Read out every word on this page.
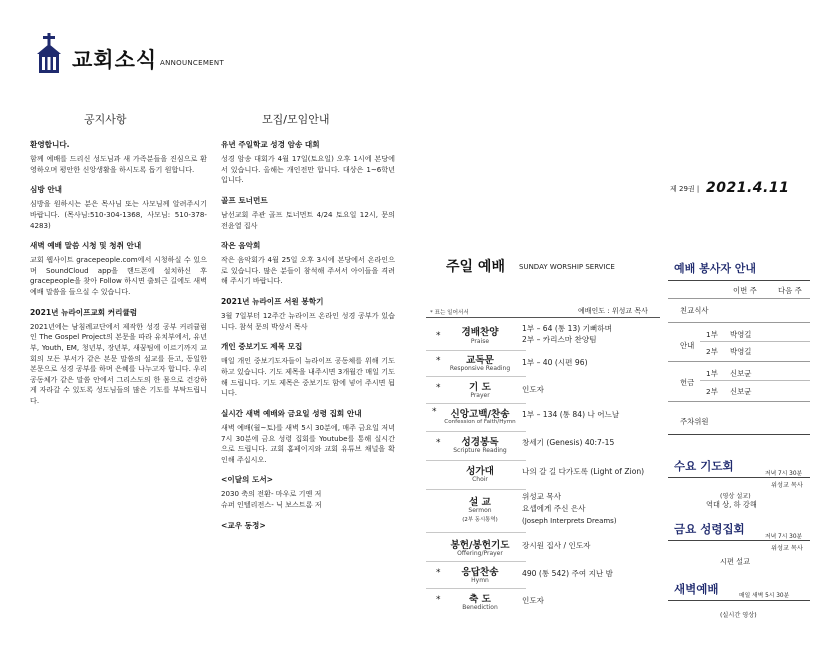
교회소식 ANNOUNCEMENT
공지사항	모집/모임안내
환영합니다.
함께 예배를 드리신 성도님과 새 가족분들을 진심으로 환영하오며 평안한 신앙생활을 하시도록 돕기 원합니다.
심방 안내
심방을 원하시는 분은 목사님 또는 사모님께 알려주시기 바랍니다. (목사님:510-304-1368, 사모님: 510-378-4283)
새벽 예배 말씀 시청 및 청취 안내
교회 웹사이트 gracepeople.com에서 시청하실 수 있으며 SoundCloud app을 핸드폰에 설치하신 후 gracepeople을 찾아 Follow 하시면 출퇴근 길에도 새벽예배 말씀을 들으실 수 있습니다.
2021년 뉴라이프교회 커리큘럼
2021년에는 남침례교단에서 제작한 성경 공부 커리큘럼인 The Gospel Project의 본문을 따라 유치부에서, 유년부, Youth, EM, 청년부, 장년부, 새꿈팀에 이르기까지 교회의 모든 부서가 같은 본문 말씀의 설교를 듣고, 동일한 본문으로 성경 공부를 하며 은혜를 나누고자 합니다. 우리 공동체가 같은 말씀 안에서 그리스도의 한 몸으로 건강하게 자라갈 수 있도록 성도님들의 많은 기도를 부탁드립니다.
유년 주일학교 성경 암송 대회
성경 암송 대회가 4월 17일(토요일) 오후 1시에 본당에서 있습니다. 올해는 개인전만 합니다. 대상은 1~6학년입니다.
골프 토너먼트
남선교회 주관 골프 토너먼트 4/24 토요일 12시, 문의 전윤열 집사
작은 음악회
작은 음악회가 4월 25일 오후 3시에 본당에서 온라인으로 있습니다. 많은 분들이 참석해 주셔서 아이들을 격려해 주시기 바랍니다.
2021년 뉴라이프 서원 봉학기
3월 7일부터 12주간 뉴라이프 온라인 성경 공부가 있습니다. 참석 문의 박상서 목사
개인 중보기도 제목 모집
매일 개인 중보기도자들이 뉴라이프 공동체를 위해 기도하고 있습니다. 기도 제목을 내주시면 3개월간 매일 기도해 드립니다. 기도 제목은 중보기도 함에 넣어 주시면 됩니다.
실시간 새벽 예배와 금요일 성령 집회 안내
새벽 예배(월~토)를 새벽 5시 30분에, 매주 금요일 저녁 7시 30분에 금요 성령 집회를 Youtube를 통해 실시간으로 드립니다. 교회 홈페이지와 교회 유튜브 채널을 확인해 주십시오.
<이달의 도서>
2030 축의 전환- 마우로 기옌 저
슈퍼 인텔리전스- 닉 보스트롬 저
<교우 동정>
제 29권 | 2021.4.11
주일 예배 SUNDAY WORSHIP SERVICE
* 표는 일어서서	예배인도 : 위성교 목사
*	경배찬양
Praise
1부 – 64 (통 13) 기뻐하며
2부 – 카리스마 찬양팀
*	교독문
Responsive Reading
1부 – 40 (시편 96)
*	기 도
Prayer
인도자
*	신앙고백/찬송
Confession of Faith/Hymn
1부 – 134 (통 84) 나 어느날
*	성경봉독
Scripture Reading
창세기 (Genesis) 40:7-15
성가대
Choir
나의 갈 길 다가도록 (Light of Zion)
설 교
Sermon
(2부 동시통역)
위성교 목사
요셉에게 주신 은사
(Joseph Interprets Dreams)
봉헌/봉헌기도
Offering/Prayer
장시원 집사 / 인도자
*	응답찬송
Hymn
490 (통 542) 주여 지난 밤
*	축 도
Benediction
인도자
예배 봉사자 안내
이번 주	다음 주
친교식사
안내
1부 박영길
2부 박영길
헌금
1부 신보균
2부 신보균
주차위원
수요 기도회
저녁 7시 30분
위성교 목사
(영상 설교)
역대 상, 하 강해
금요 성령집회
저녁 7시 30분
위성교 목사
시편 설교
새벽예배	매일 새벽 5시 30분
(실시간 영상)
